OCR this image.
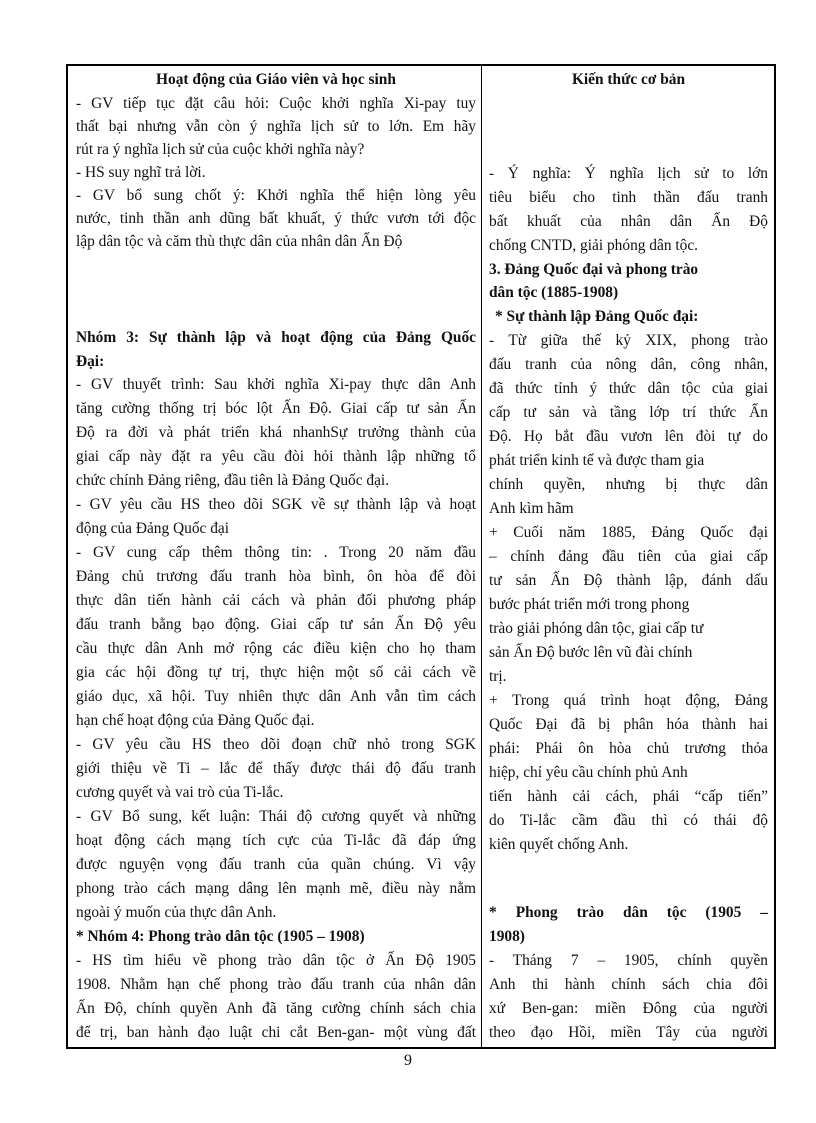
Hoạt động của Giáo viên và học sinh
- GV tiếp tục đặt câu hỏi: Cuộc khởi nghĩa Xi-pay tuy
thất bại nhưng vẫn còn ý nghĩa lịch sử to lớn. Em hãy
rút ra ý nghĩa lịch sử của cuộc khởi nghĩa này?
- HS suy nghĩ trả lời.
- GV bổ sung chốt ý: Khởi nghĩa thể hiện lòng yêu
nước, tinh thần anh dũng bất khuất, ý thức vươn tới độc
lập dân tộc và căm thù thực dân của nhân dân Ấn Độ
Nhóm 3: Sự thành lập và hoạt động của Đảng Quốc
Đại:
- GV thuyết trình: Sau khởi nghĩa Xi-pay thực dân Anh
tăng cường thống trị bóc lột Ấn Độ. Giai cấp tư sản Ấn
Độ ra đời và phát triển khá nhanhSự trưởng thành của
giai cấp này đặt ra yêu cầu đòi hỏi thành lập những tổ
chức chính Đảng riêng, đầu tiên là Đảng Quốc đại.
- GV yêu cầu HS theo dõi SGK về sự thành lập và hoạt
động của Đảng Quốc đại
- GV cung cấp thêm thông tin: . Trong 20 năm đầu
Đảng chủ trương đấu tranh hòa bình, ôn hòa để đòi
thực dân tiến hành cải cách và phản đối phương pháp
đấu tranh bằng bạo động. Giai cấp tư sản Ấn Độ yêu
cầu thực dân Anh mở rộng các điều kiện cho họ tham
gia các hội đồng tự trị, thực hiện một số cải cách về
giáo dục, xã hội. Tuy nhiên thực dân Anh vẫn tìm cách
hạn chế hoạt động của Đảng Quốc đại.
- GV yêu cầu HS theo dõi đoạn chữ nhỏ trong SGK
giới thiệu về Ti – lắc để thấy được thái độ đấu tranh
cương quyết và vai trò của Ti-lắc.
- GV Bổ sung, kết luận: Thái độ cương quyết và những
hoạt động cách mạng tích cực của Ti-lắc đã đáp ứng
được nguyện vọng đấu tranh của quần chúng. Vì vậy
phong trào cách mạng dâng lên mạnh mẽ, điều này nằm
ngoài ý muốn của thực dân Anh.
* Nhóm 4: Phong trào dân tộc (1905 – 1908)
- HS tìm hiểu về phong trào dân tộc ở Ấn Độ 1905
1908. Nhằm hạn chế phong trào đấu tranh của nhân dân
Ấn Độ, chính quyền Anh đã tăng cường chính sách chia
để trị, ban hành đạo luật chi cắt Ben-gan- một vùng đất
Kiến thức cơ bản
- Ý nghĩa: Ý nghĩa lịch sử to lớn
tiêu biểu cho tinh thần đấu tranh
bất khuất của nhân dân Ấn Độ
chống CNTD, giải phóng dân tộc.
3. Đảng Quốc đại và phong trào
dân tộc (1885-1908)
* Sự thành lập Đảng Quốc đại:
- Từ giữa thế kỷ XIX, phong trào
đấu tranh của nông dân, công nhân,
đã thức tỉnh ý thức dân tộc của giai
cấp tư sản và tầng lớp trí thức Ấn
Độ. Họ bắt đầu vươn lên đòi tự do
phát triển kinh tế và được tham gia
chính quyền, nhưng bị thực dân
Anh kìm hãm
+ Cuối năm 1885, Đảng Quốc đại
– chính đảng đầu tiên của giai cấp
tư sản Ấn Độ thành lập, đánh dấu
bước phát triển mới trong phong
trào giải phóng dân tộc, giai cấp tư
sản Ấn Độ bước lên vũ đài chính
trị.
+ Trong quá trình hoạt động, Đảng
Quốc Đại đã bị phân hóa thành hai
phái: Phái ôn hòa chủ trương thỏa
hiệp, chỉ yêu cầu chính phủ Anh
tiến hành cải cách, phái “cấp tiến”
do Ti-lắc cầm đầu thì có thái độ
kiên quyết chống Anh.
* Phong trào dân tộc (1905 –
1908)
- Tháng 7 – 1905, chính quyền
Anh thi hành chính sách chia đôi
xứ Ben-gan: miền Đông của người
theo đạo Hồi, miền Tây của người
9
